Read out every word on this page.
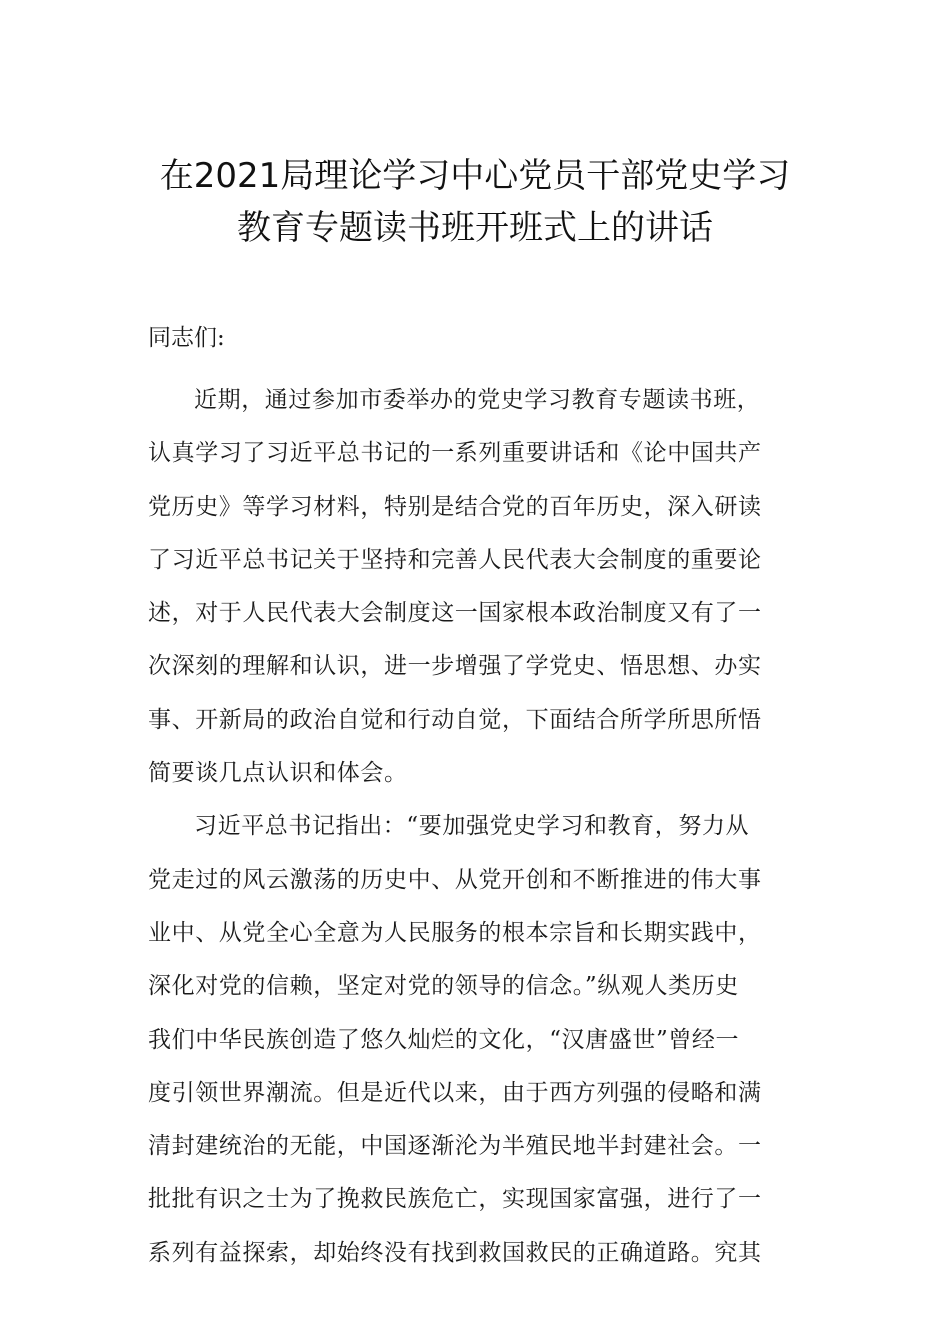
在2021局理论学习中心党员干部党史学习
教育专题读书班开班式上的讲话
同志们:
近期，通过参加市委举办的党史学习教育专题读书班，
认真学习了习近平总书记的一系列重要讲话和《论中国共产
党历史》等学习材料，特别是结合党的百年历史，深入研读
了习近平总书记关于坚持和完善人民代表大会制度的重要论
述，对于人民代表大会制度这一国家根本政治制度又有了一
次深刻的理解和认识，进一步增强了学党史、悟思想、办实
事、开新局的政治自觉和行动自觉，下面结合所学所思所悟
简要谈几点认识和体会。
习近平总书记指出：“要加强党史学习和教育，努力从
党走过的风云激荡的历史中、从党开创和不断推进的伟大事
业中、从党全心全意为人民服务的根本宗旨和长期实践中，
深化对党的信赖，坚定对党的领导的信念。”纵观人类历史
我们中华民族创造了悠久灿烂的文化，“汉唐盛世”曾经一
度引领世界潮流。但是近代以来，由于西方列强的侵略和满
清封建统治的无能，中国逐渐沦为半殖民地半封建社会。一
批批有识之士为了挽救民族危亡，实现国家富强，进行了一
系列有益探索，却始终没有找到救国救民的正确道路。究其
